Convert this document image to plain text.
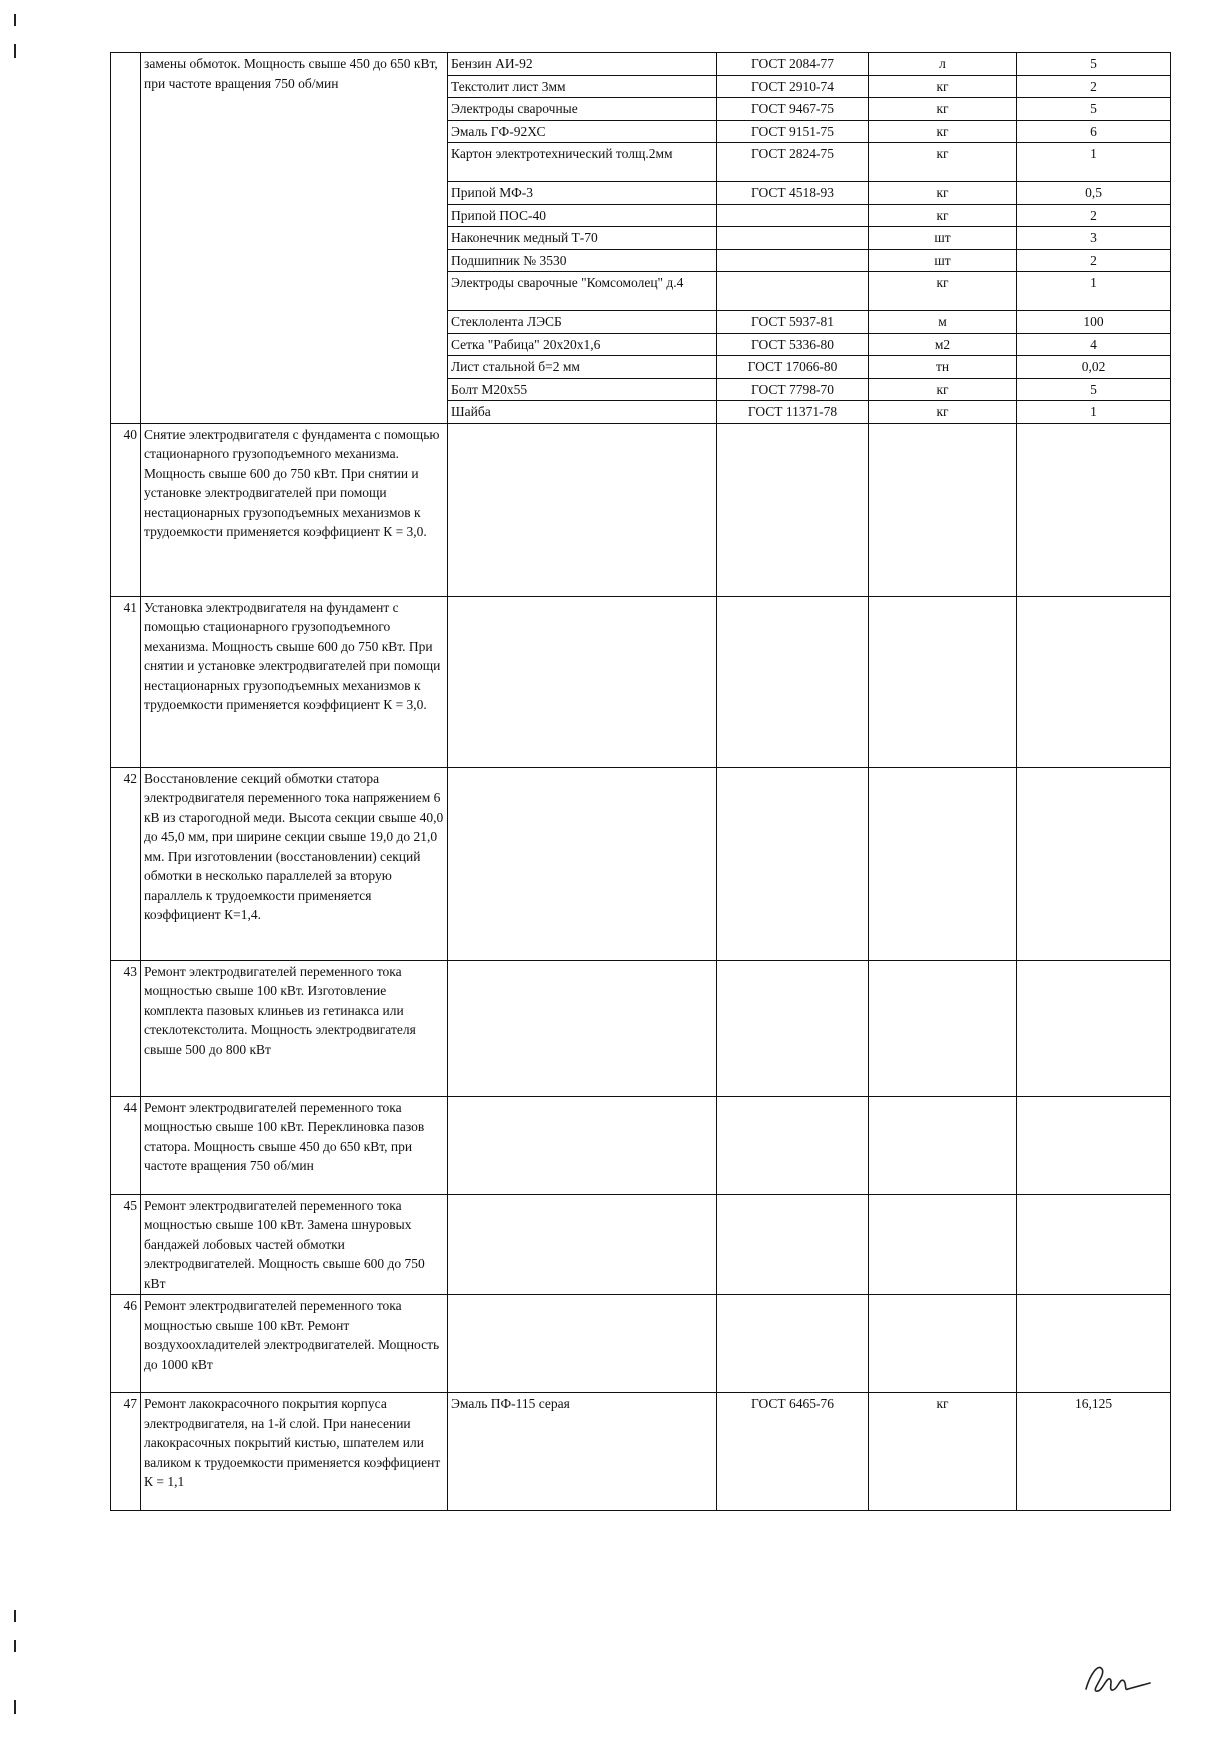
	замены обмоток. Мощность свыше 450 до 650 кВт, при частоте вращения 750 об/мин	Бензин АИ-92	ГОСТ 2084-77	л	5
		Текстолит лист 3мм	ГОСТ 2910-74	кг	2
		Электроды сварочные	ГОСТ 9467-75	кг	5
		Эмаль ГФ-92ХС	ГОСТ 9151-75	кг	6
		Картон электротехнический толщ.2мм	ГОСТ 2824-75	кг	1
		Припой МФ-3	ГОСТ 4518-93	кг	0,5
		Припой ПОС-40		кг	2
		Наконечник медный Т-70		шт	3
		Подшипник № 3530		шт	2
		Электроды сварочные "Комсомолец" д.4		кг	1
		Стеклолента ЛЭСБ	ГОСТ 5937-81	м	100
		Сетка "Рабица" 20х20х1,6	ГОСТ 5336-80	м2	4
		Лист стальной б=2 мм	ГОСТ 17066-80	тн	0,02
		Болт М20х55	ГОСТ 7798-70	кг	5
		Шайба	ГОСТ 11371-78	кг	1
40	Снятие электродвигателя с фундамента с помощью стационарного грузоподъемного механизма. Мощность свыше 600 до 750 кВт. При снятии и установке электродвигателей при помощи нестационарных грузоподъемных механизмов к трудоемкости применяется коэффициент К = 3,0.				
41	Установка электродвигателя на фундамент с помощью стационарного грузоподъемного механизма. Мощность свыше 600 до 750 кВт. При снятии и установке электродвигателей при помощи нестационарных грузоподъемных механизмов к трудоемкости применяется коэффициент К = 3,0.				
42	Восстановление секций обмотки статора электродвигателя переменного тока напряжением 6 кВ из старогодной меди. Высота секции свыше 40,0 до 45,0 мм, при ширине секции свыше 19,0 до 21,0 мм. При изготовлении (восстановлении) секций обмотки в несколько параллелей за вторую параллель к трудоемкости применяется коэффициент К=1,4.				
43	Ремонт электродвигателей переменного тока мощностью свыше 100 кВт. Изготовление комплекта пазовых клиньев из гетинакса или стеклотекстолита. Мощность электродвигателя свыше 500 до 800 кВт				
44	Ремонт электродвигателей переменного тока мощностью свыше 100 кВт. Переклиновка пазов статора. Мощность свыше 450 до 650 кВт, при частоте вращения 750 об/мин				
45	Ремонт электродвигателей переменного тока мощностью свыше 100 кВт. Замена шнуровых бандажей лобовых частей обмотки электродвигателей. Мощность свыше 600 до 750 кВт				
46	Ремонт электродвигателей переменного тока мощностью свыше 100 кВт. Ремонт воздухоохладителей электродвигателей. Мощность до 1000 кВт				
47	Ремонт лакокрасочного покрытия корпуса электродвигателя, на 1-й слой. При нанесении лакокрасочных покрытий кистью, шпателем или валиком к трудоемкости применяется коэффициент К = 1,1	Эмаль ПФ-115 серая	ГОСТ 6465-76	кг	16,125
